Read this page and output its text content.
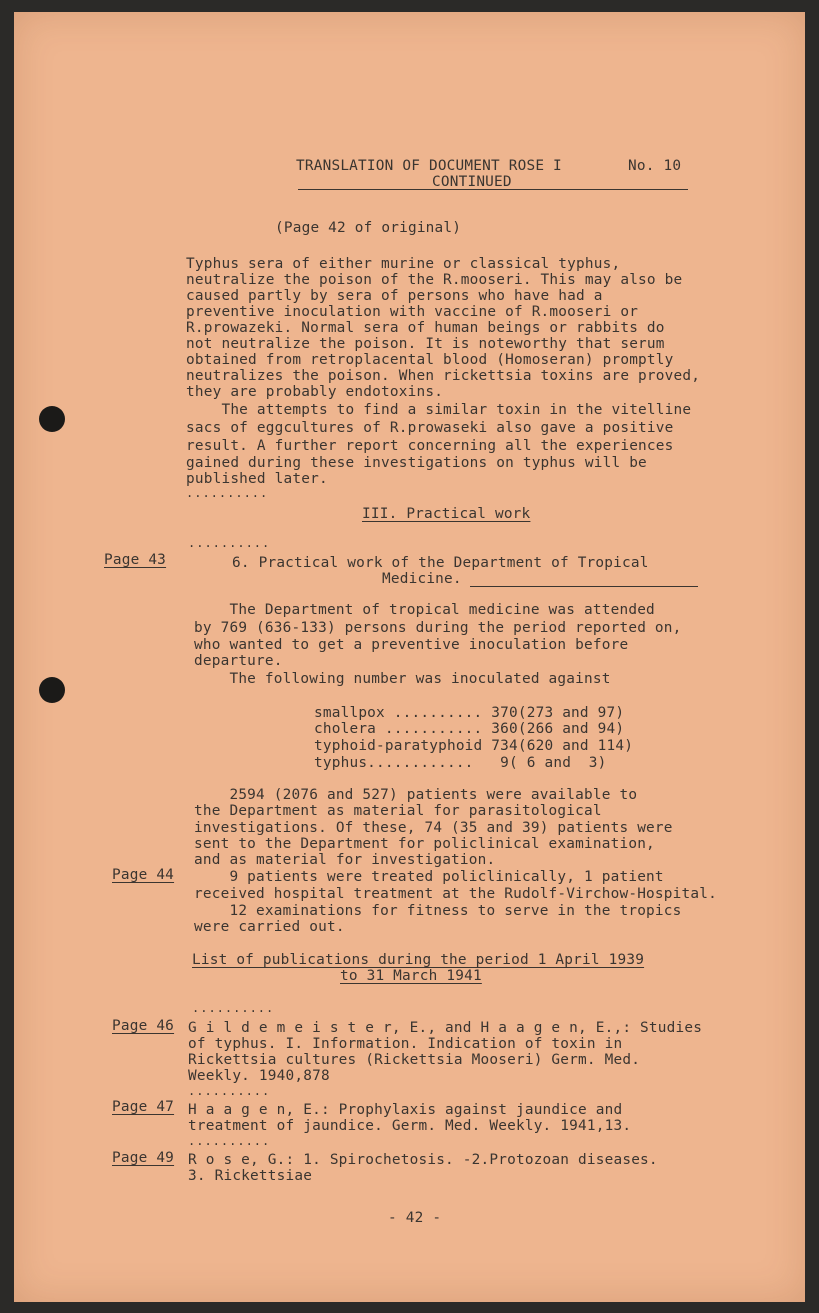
TRANSLATION OF DOCUMENT ROSE I	No. 10
CONTINUED
(Page 42 of original)
Typhus sera of either murine or classical typhus,
neutralize the poison of the R.mooseri. This may also be
caused partly by sera of persons who have had a
preventive inoculation with vaccine of R.mooseri or
R.prowazeki. Normal sera of human beings or rabbits do
not neutralize the poison. It is noteworthy that serum
obtained from retroplacental blood (Homoseran) promptly
neutralizes the poison. When rickettsia toxins are proved,
they are probably endotoxins.
The attempts to find a similar toxin in the vitelline
sacs of eggcultures of R.prowaseki also gave a positive
result. A further report concerning all the experiences
gained during these investigations on typhus will be
published later.
..........
III. Practical work
..........
Page 43	6. Practical work of the Department of Tropical
Medicine.
The Department of tropical medicine was attended
by 769 (636-133) persons during the period reported on,
who wanted to get a preventive inoculation before
departure.
The following number was inoculated against
smallpox .......... 370(273 and 97)
cholera ........... 360(266 and 94)
typhoid-paratyphoid 734(620 and 114)
typhus............   9( 6 and  3)
2594 (2076 and 527) patients were available to
the Department as material for parasitological
investigations. Of these, 74 (35 and 39) patients were
sent to the Department for policlinical examination,
and as material for investigation.
Page 44 9 patients were treated policlinically, 1 patient
received hospital treatment at the Rudolf-Virchow-Hospital.
12 examinations for fitness to serve in the tropics
were carried out.
List of publications during the period 1 April 1939
to 31 March 1941
..........
Page 46 G i l d e m e i s t e r, E., and H a a g e n, E.,: Studies
of typhus. I. Information. Indication of toxin in
Rickettsia cultures (Rickettsia Mooseri) Germ. Med.
Weekly. 1940,878
..........
Page 47 H a a g e n, E.: Prophylaxis against jaundice and
treatment of jaundice. Germ. Med. Weekly. 1941,13.
..........
Page 49 R o s e, G.: 1. Spirochetosis. -2.Protozoan diseases.
3. Rickettsiae
- 42 -
